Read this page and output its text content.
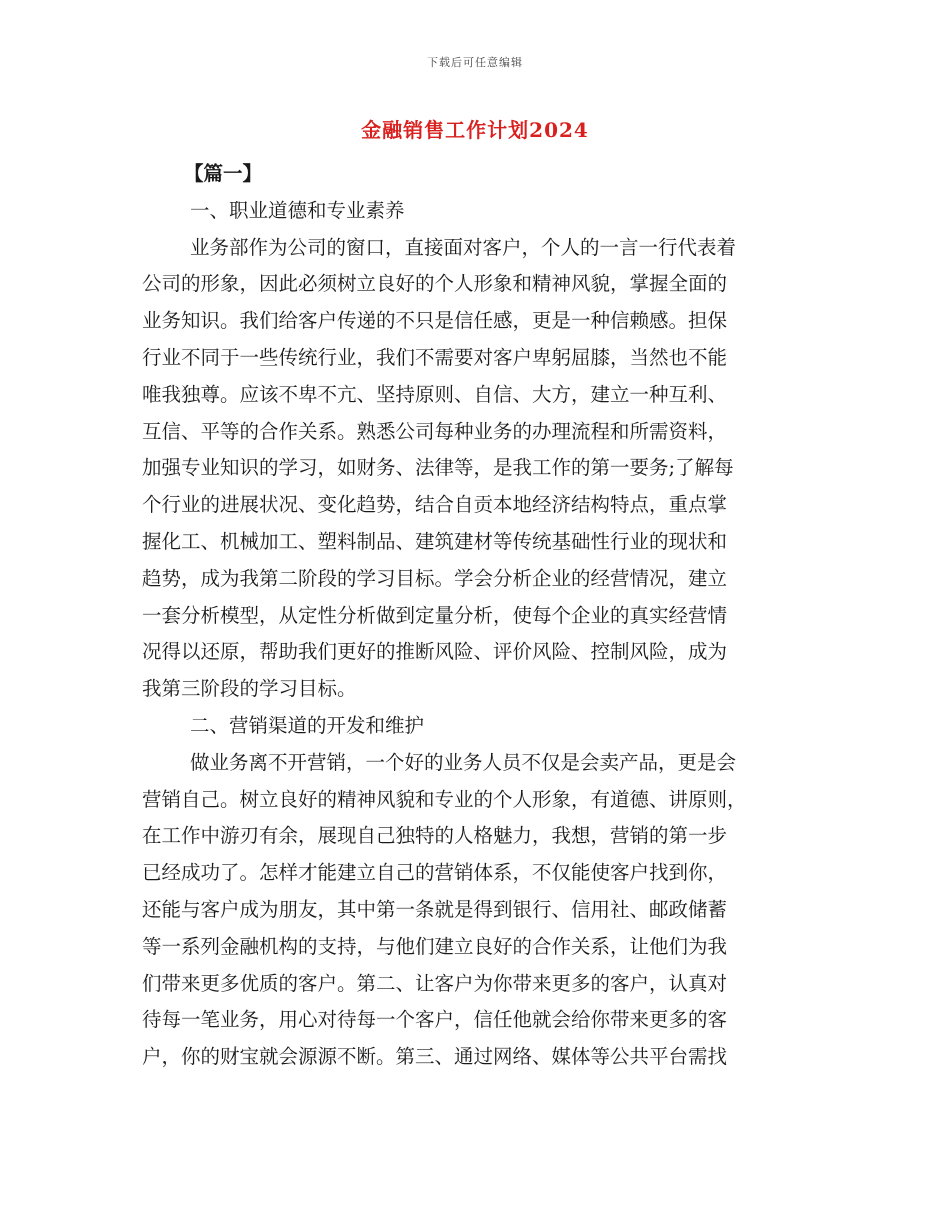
下载后可任意编辑
金融销售工作计划2024
【篇一】
一、职业道德和专业素养
业务部作为公司的窗口，直接面对客户，个人的一言一行代表着
公司的形象，因此必须树立良好的个人形象和精神风貌，掌握全面的
业务知识。我们给客户传递的不只是信任感，更是一种信赖感。担保
行业不同于一些传统行业，我们不需要对客户卑躬屈膝，当然也不能
唯我独尊。应该不卑不亢、坚持原则、自信、大方，建立一种互利、
互信、平等的合作关系。熟悉公司每种业务的办理流程和所需资料，
加强专业知识的学习，如财务、法律等，是我工作的第一要务;了解每
个行业的进展状况、变化趋势，结合自贡本地经济结构特点，重点掌
握化工、机械加工、塑料制品、建筑建材等传统基础性行业的现状和
趋势，成为我第二阶段的学习目标。学会分析企业的经营情况，建立
一套分析模型，从定性分析做到定量分析，使每个企业的真实经营情
况得以还原，帮助我们更好的推断风险、评价风险、控制风险，成为
我第三阶段的学习目标。
二、营销渠道的开发和维护
做业务离不开营销，一个好的业务人员不仅是会卖产品，更是会
营销自己。树立良好的精神风貌和专业的个人形象，有道德、讲原则，
在工作中游刃有余，展现自己独特的人格魅力，我想，营销的第一步
已经成功了。怎样才能建立自己的营销体系，不仅能使客户找到你，
还能与客户成为朋友，其中第一条就是得到银行、信用社、邮政储蓄
等一系列金融机构的支持，与他们建立良好的合作关系，让他们为我
们带来更多优质的客户。第二、让客户为你带来更多的客户，认真对
待每一笔业务，用心对待每一个客户，信任他就会给你带来更多的客
户，你的财宝就会源源不断。第三、通过网络、媒体等公共平台需找
